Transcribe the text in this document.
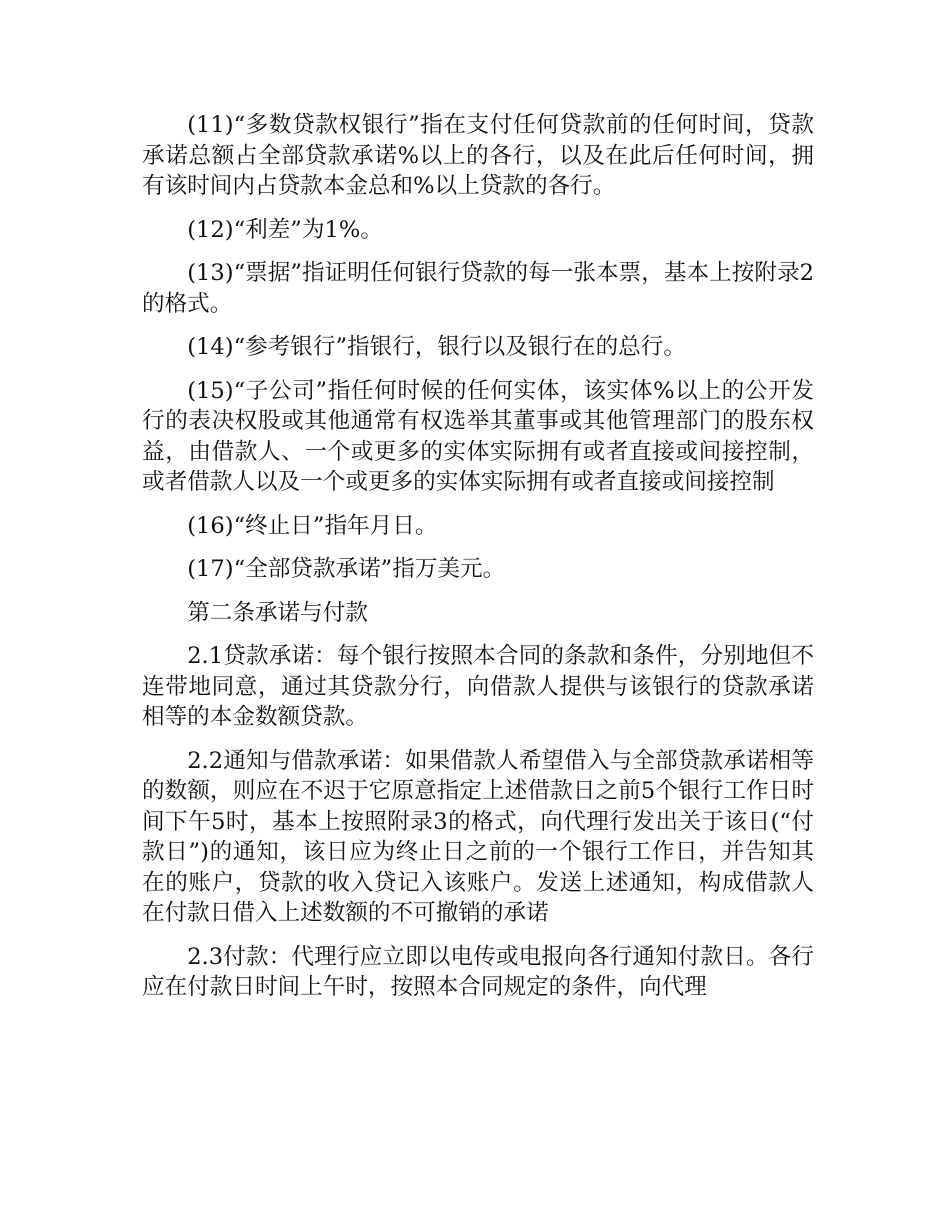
(11)“多数贷款权银行”指在支付任何贷款前的任何时间，贷款承诺总额占全部贷款承诺%以上的各行，以及在此后任何时间，拥有该时间内占贷款本金总和%以上贷款的各行。

(12)“利差”为1%。

(13)“票据”指证明任何银行贷款的每一张本票，基本上按附录2的格式。

(14)“参考银行”指银行，银行以及银行在的总行。

(15)“子公司”指任何时候的任何实体，该实体%以上的公开发行的表决权股或其他通常有权选举其董事或其他管理部门的股东权益，由借款人、一个或更多的实体实际拥有或者直接或间接控制，或者借款人以及一个或更多的实体实际拥有或者直接或间接控制

(16)“终止日”指年月日。

(17)“全部贷款承诺”指万美元。

第二条承诺与付款

2.1贷款承诺：每个银行按照本合同的条款和条件，分别地但不连带地同意，通过其贷款分行，向借款人提供与该银行的贷款承诺相等的本金数额贷款。

2.2通知与借款承诺：如果借款人希望借入与全部贷款承诺相等的数额，则应在不迟于它原意指定上述借款日之前5个银行工作日时间下午5时，基本上按照附录3的格式，向代理行发出关于该日(“付款日”)的通知，该日应为终止日之前的一个银行工作日，并告知其在的账户，贷款的收入贷记入该账户。发送上述通知，构成借款人在付款日借入上述数额的不可撤销的承诺

2.3付款：代理行应立即以电传或电报向各行通知付款日。各行应在付款日时间上午时，按照本合同规定的条件，向代理
